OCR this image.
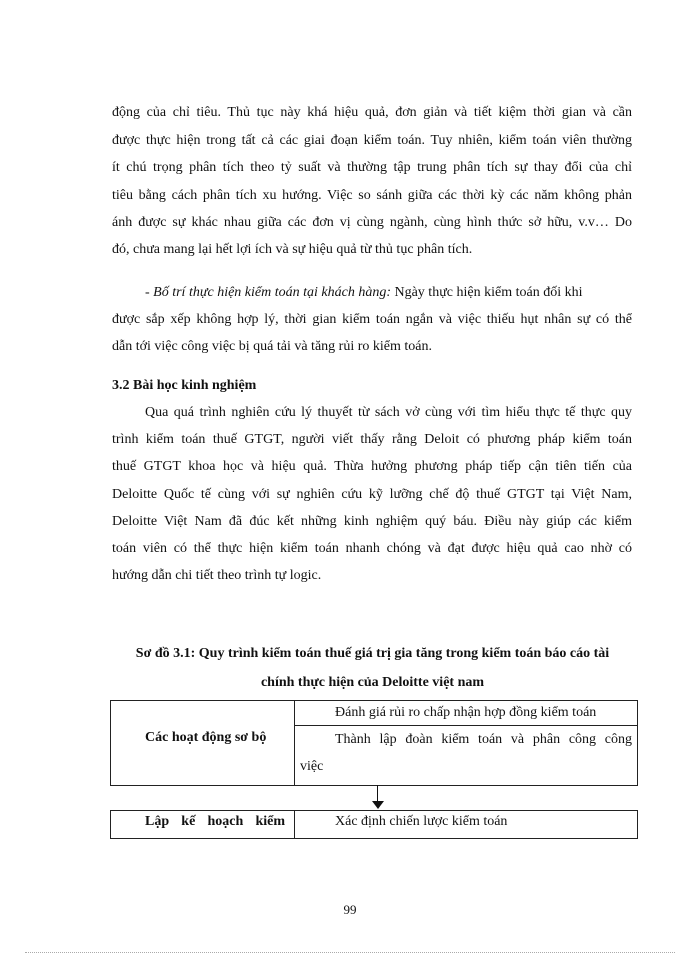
động của chỉ tiêu. Thủ tục này khá hiệu quả, đơn giản và tiết kiệm thời gian và cần
được thực hiện trong tất cả các giai đoạn kiểm toán. Tuy nhiên, kiểm toán viên thường
ít chú trọng phân tích theo tỷ suất và thường tập trung phân tích sự thay đổi của chỉ
tiêu bằng cách phân tích xu hướng. Việc so sánh giữa các thời kỳ các năm không phản
ánh được sự khác nhau giữa các đơn vị cùng ngành, cùng hình thức sở hữu, v.v… Do
đó, chưa mang lại hết lợi ích và sự hiệu quả từ thủ tục phân tích.
- Bố trí thực hiện kiểm toán tại khách hàng: Ngày thực hiện kiểm toán đối khi
được sắp xếp không hợp lý, thời gian kiểm toán ngắn và việc thiếu hụt nhân sự có thể
dẫn tới việc công việc bị quá tải và tăng rủi ro kiểm toán.
3.2 Bài học kinh nghiệm
Qua quá trình nghiên cứu lý thuyết từ sách vở cùng với tìm hiểu thực tế thực quy
trình kiểm toán thuế GTGT, người viết thấy rằng Deloit có phương pháp kiểm toán
thuế GTGT khoa học và hiệu quả. Thừa hưởng phương pháp tiếp cận tiên tiến của
Deloitte Quốc tế cùng với sự nghiên cứu kỹ lưỡng chế độ thuế GTGT tại Việt Nam,
Deloitte Việt Nam đã đúc kết những kinh nghiệm quý báu. Điều này giúp các kiểm
toán viên có thể thực hiện kiểm toán nhanh chóng và đạt được hiệu quả cao nhờ có
hướng dẫn chi tiết theo trình tự logic.
Sơ đồ 3.1: Quy trình kiểm toán thuế giá trị gia tăng trong kiểm toán báo cáo tài
chính thực hiện của Deloitte việt nam
Các hoạt động sơ bộ
Đánh giá rủi ro chấp nhận hợp đồng kiểm toán
Thành lập đoàn kiểm toán và phân công công
việc
Lập kế hoạch kiểm	Xác định chiến lược kiểm toán
99
